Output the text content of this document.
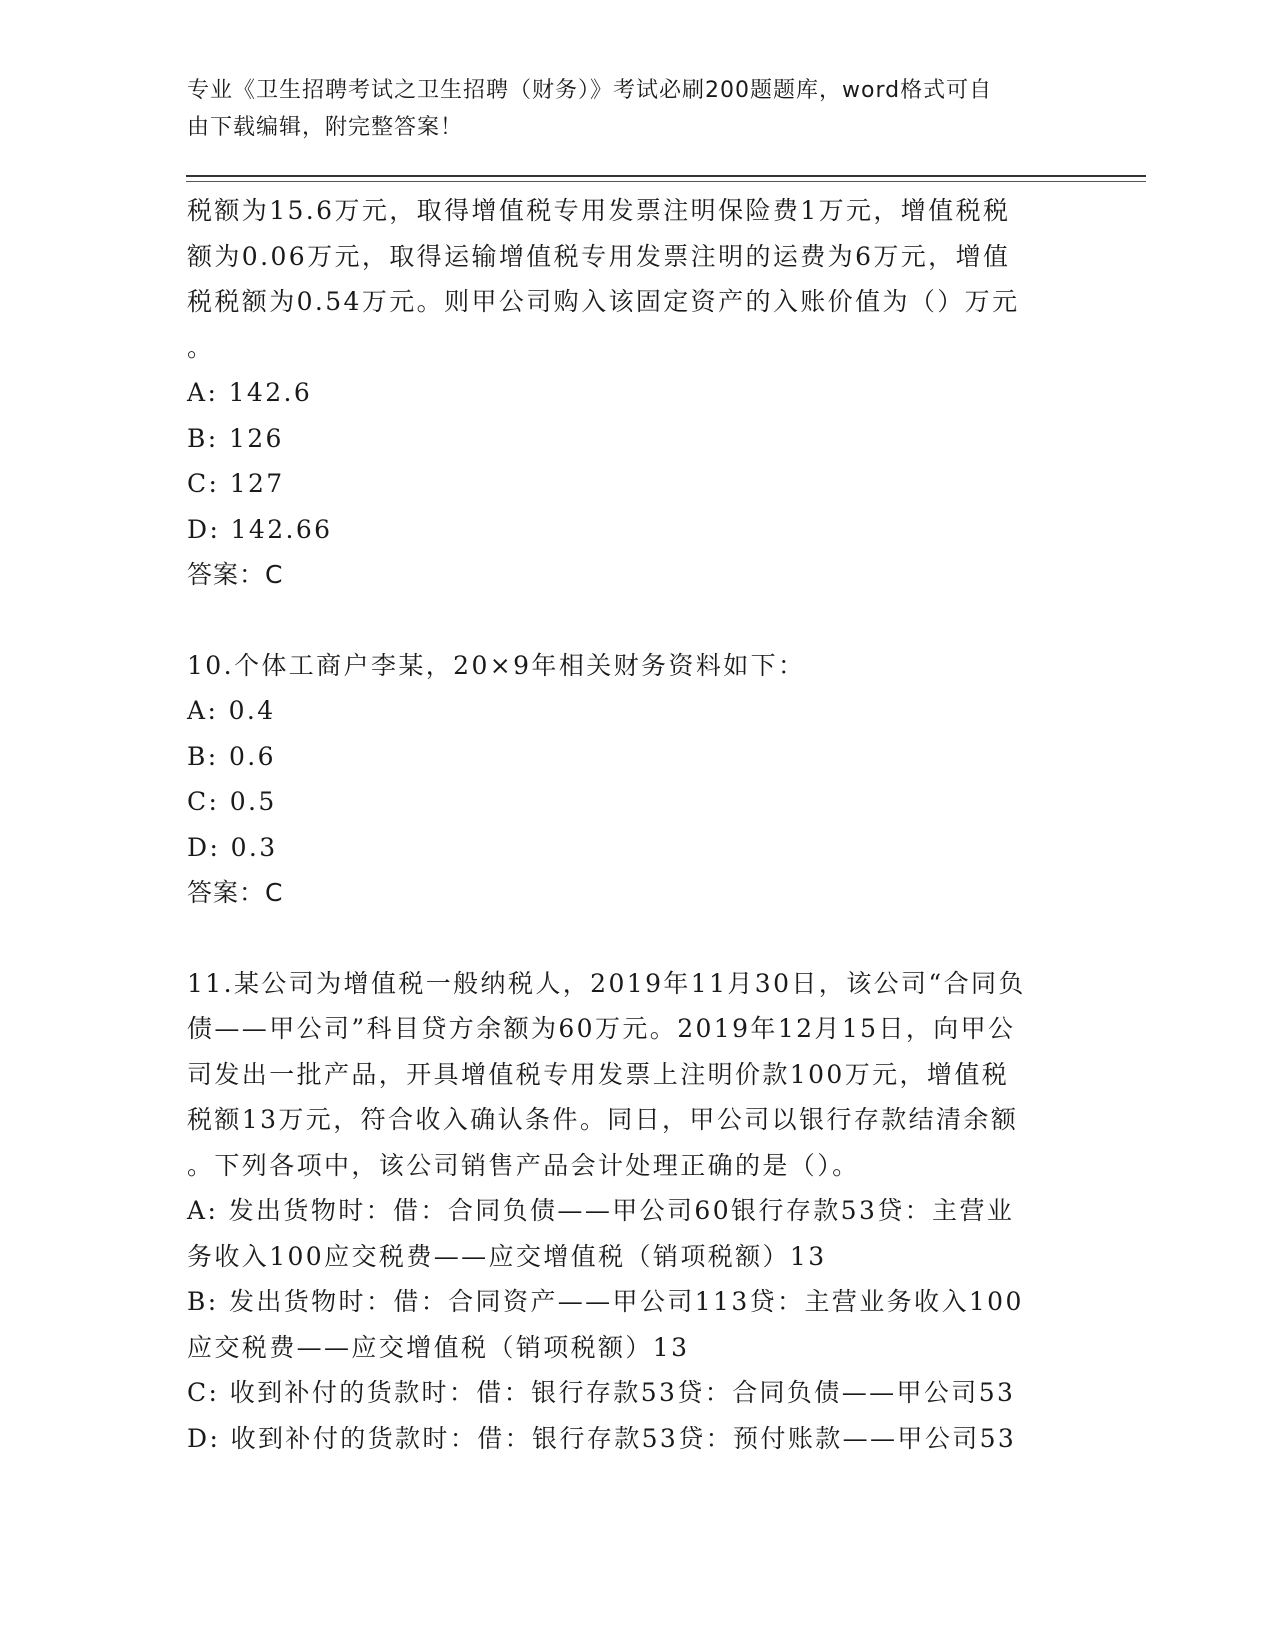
专业《卫生招聘考试之卫生招聘（财务）》考试必刷200题题库，word格式可自
由下载编辑，附完整答案！

税额为15.6万元，取得增值税专用发票注明保险费1万元，增值税税

额为0.06万元，取得运输增值税专用发票注明的运费为6万元，增值

税税额为0.54万元。则甲公司购入该固定资产的入账价值为（）万元

。

A: 142.6

B: 126

C: 127

D: 142.66

答案：C

10.个体工商户李某，20×9年相关财务资料如下：

A: 0.4

B: 0.6

C: 0.5

D: 0.3

答案：C

11.某公司为增值税一般纳税人，2019年11月30日，该公司“合同负

债——甲公司”科目贷方余额为60万元。2019年12月15日，向甲公

司发出一批产品，开具增值税专用发票上注明价款100万元，增值税

税额13万元，符合收入确认条件。同日，甲公司以银行存款结清余额

。下列各项中，该公司销售产品会计处理正确的是（）。

A: 发出货物时：借：合同负债——甲公司60银行存款53贷：主营业

务收入100应交税费——应交增值税（销项税额）13

B: 发出货物时：借：合同资产——甲公司113贷：主营业务收入100

应交税费——应交增值税（销项税额）13

C: 收到补付的货款时：借：银行存款53贷：合同负债——甲公司53

D: 收到补付的货款时：借：银行存款53贷：预付账款——甲公司53
